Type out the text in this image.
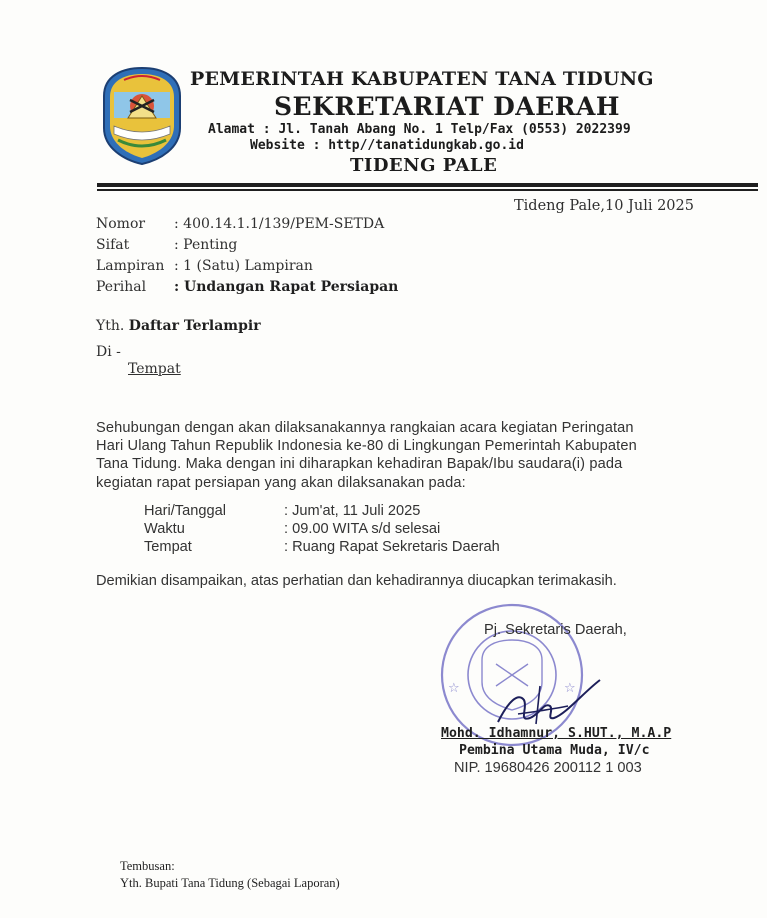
PEMERINTAH KABUPATEN TANA TIDUNG
SEKRETARIAT DAERAH
Alamat : Jl. Tanah Abang No. 1 Telp/Fax (0553) 2022399
Website : http//tanatidungkab.go.id
TIDENG PALE
Tideng Pale,10 Juli 2025
Nomor : 400.14.1.1/139/PEM-SETDA
Sifat	: Penting
Lampiran : 1 (Satu) Lampiran
Perihal : Undangan Rapat Persiapan
Yth. Daftar Terlampir
Di -
Tempat
Sehubungan dengan akan dilaksanakannya rangkaian acara kegiatan Peringatan
Hari Ulang Tahun Republik Indonesia ke-80 di Lingkungan Pemerintah Kabupaten
Tana Tidung. Maka dengan ini diharapkan kehadiran Bapak/Ibu saudara(i) pada
kegiatan rapat persiapan yang akan dilaksanakan pada:
Hari/Tanggal	: Jum'at, 11 Juli 2025
Waktu	: 09.00 WITA s/d selesai
Tempat	: Ruang Rapat Sekretaris Daerah
Demikian disampaikan, atas perhatian dan kehadirannya diucapkan terimakasih.
☆	☆
Pj. Sekretaris Daerah,
Mohd. Idhamnur, S.HUT., M.A.P
Pembina Utama Muda, IV/c
NIP. 19680426 200112 1 003
Tembusan:
Yth. Bupati Tana Tidung (Sebagai Laporan)
